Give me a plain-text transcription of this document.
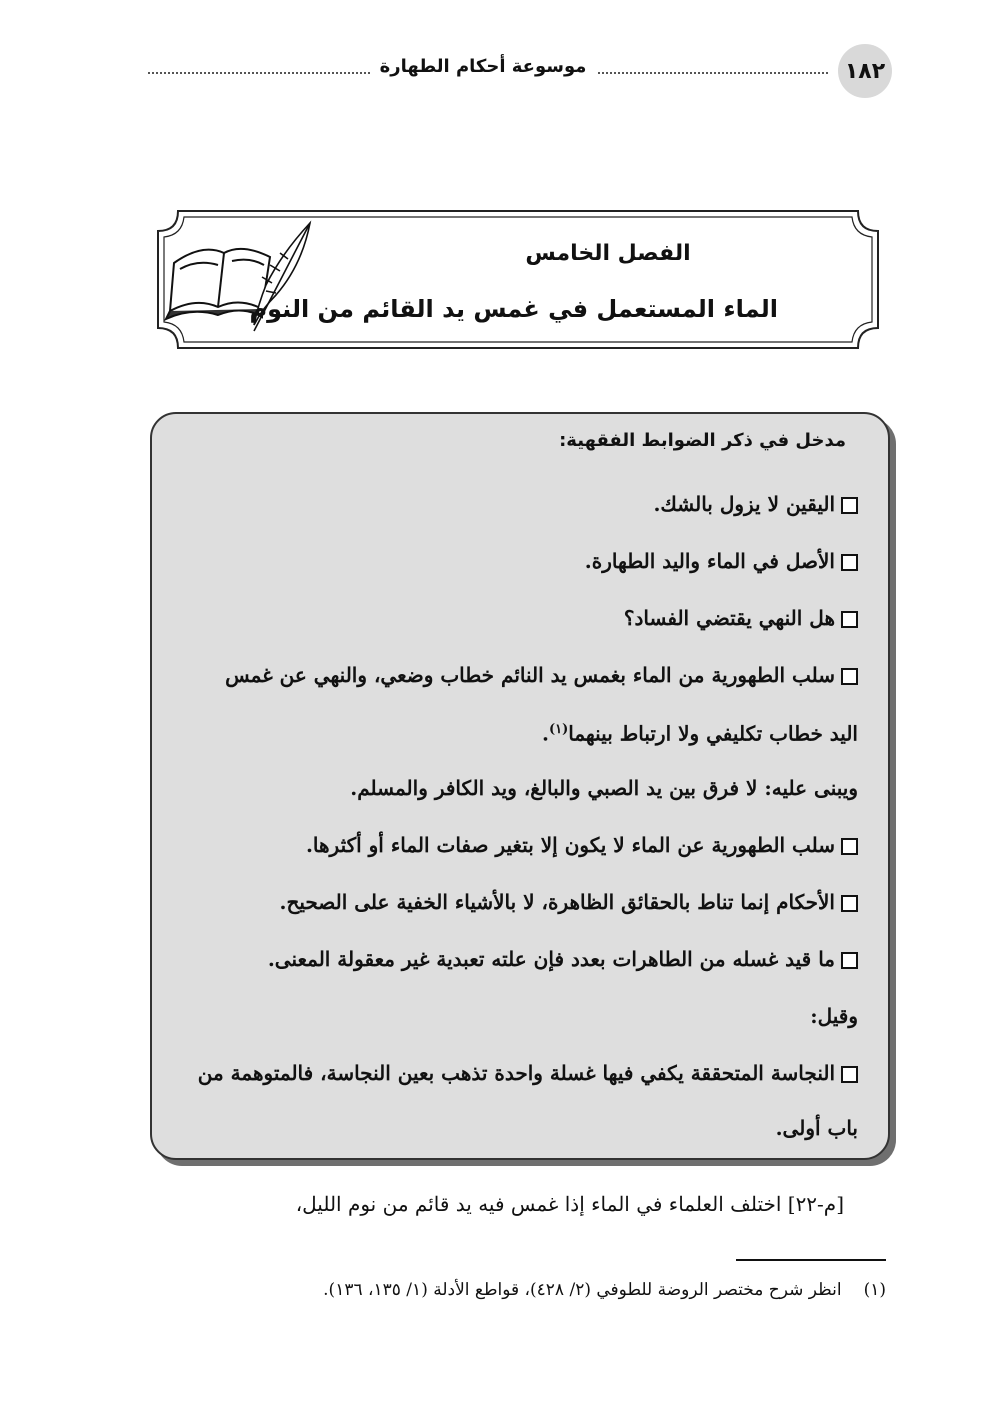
١٨٢
موسوعة أحكام الطهارة
الفصل الخامس
الماء المستعمل في غمس يد القائم من النوم
مدخل في ذكر الضوابط الفقهية:
اليقين لا يزول بالشك.
الأصل في الماء واليد الطهارة.
هل النهي يقتضي الفساد؟
سلب الطهورية من الماء بغمس يد النائم خطاب وضعي، والنهي عن غمس
اليد خطاب تكليفي ولا ارتباط بينهما$^{(١)}$.
ويبنى عليه: لا فرق بين يد الصبي والبالغ، ويد الكافر والمسلم.
سلب الطهورية عن الماء لا يكون إلا بتغير صفات الماء أو أكثرها.
الأحكام إنما تناط بالحقائق الظاهرة، لا بالأشياء الخفية على الصحيح.
ما قيد غسله من الطاهرات بعدد فإن علته تعبدية غير معقولة المعنى.
وقيل:
النجاسة المتحققة يكفي فيها غسلة واحدة تذهب بعين النجاسة، فالمتوهمة من
باب أولى.
[م-٢٢] اختلف العلماء في الماء إذا غمس فيه يد قائم من نوم الليل،
(١)انظر شرح مختصر الروضة للطوفي (٢/ ٤٢٨)، قواطع الأدلة (١/ ١٣٥، ١٣٦).
